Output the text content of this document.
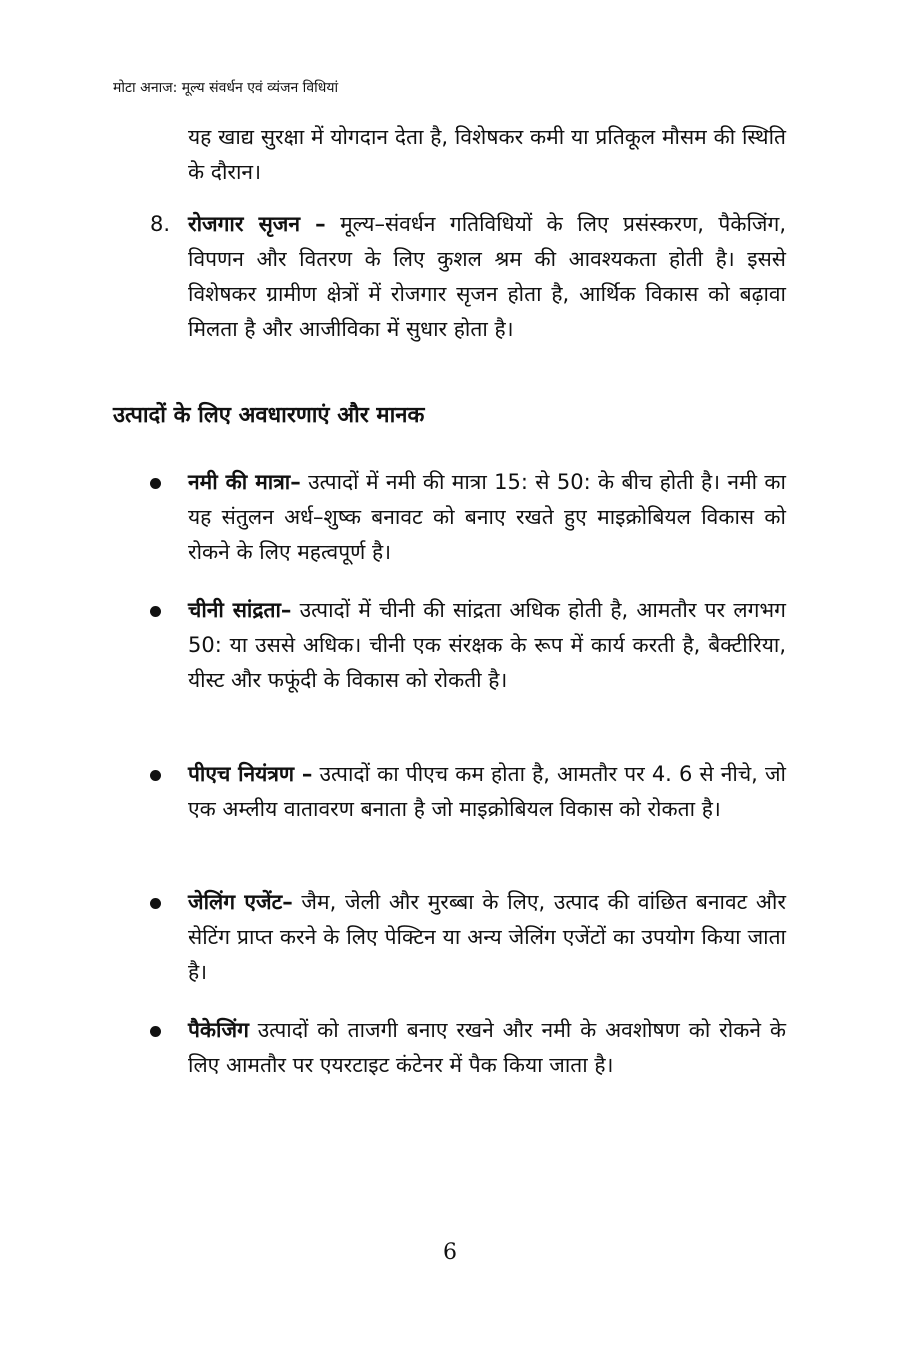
मोटा अनाज: मूल्य संवर्धन एवं व्यंजन विधियां
यह खाद्य सुरक्षा में योगदान देता है, विशेषकर कमी या प्रतिकूल मौसम की स्थिति के दौरान।
8. रोजगार सृजन – मूल्य–संवर्धन गतिविधियों के लिए प्रसंस्करण, पैकेजिंग, विपणन और वितरण के लिए कुशल श्रम की आवश्यकता होती है। इससे विशेषकर ग्रामीण क्षेत्रों में रोजगार सृजन होता है, आर्थिक विकास को बढ़ावा मिलता है और आजीविका में सुधार होता है।
उत्पादों के लिए अवधारणाएं और मानक
नमी की मात्रा– उत्पादों में नमी की मात्रा 15: से 50: के बीच होती है। नमी का यह संतुलन अर्ध–शुष्क बनावट को बनाए रखते हुए माइक्रोबियल विकास को रोकने के लिए महत्वपूर्ण है।
चीनी सांद्रता– उत्पादों में चीनी की सांद्रता अधिक होती है, आमतौर पर लगभग 50: या उससे अधिक। चीनी एक संरक्षक के रूप में कार्य करती है, बैक्टीरिया, यीस्ट और फफूंदी के विकास को रोकती है।
पीएच नियंत्रण – उत्पादों का पीएच कम होता है, आमतौर पर 4. 6 से नीचे, जो एक अम्लीय वातावरण बनाता है जो माइक्रोबियल विकास को रोकता है।
जेलिंग एजेंट– जैम, जेली और मुरब्बा के लिए, उत्पाद की वांछित बनावट और सेटिंग प्राप्त करने के लिए पेक्टिन या अन्य जेलिंग एजेंटों का उपयोग किया जाता है।
पैकेजिंग उत्पादों को ताजगी बनाए रखने और नमी के अवशोषण को रोकने के लिए आमतौर पर एयरटाइट कंटेनर में पैक किया जाता है।
6
